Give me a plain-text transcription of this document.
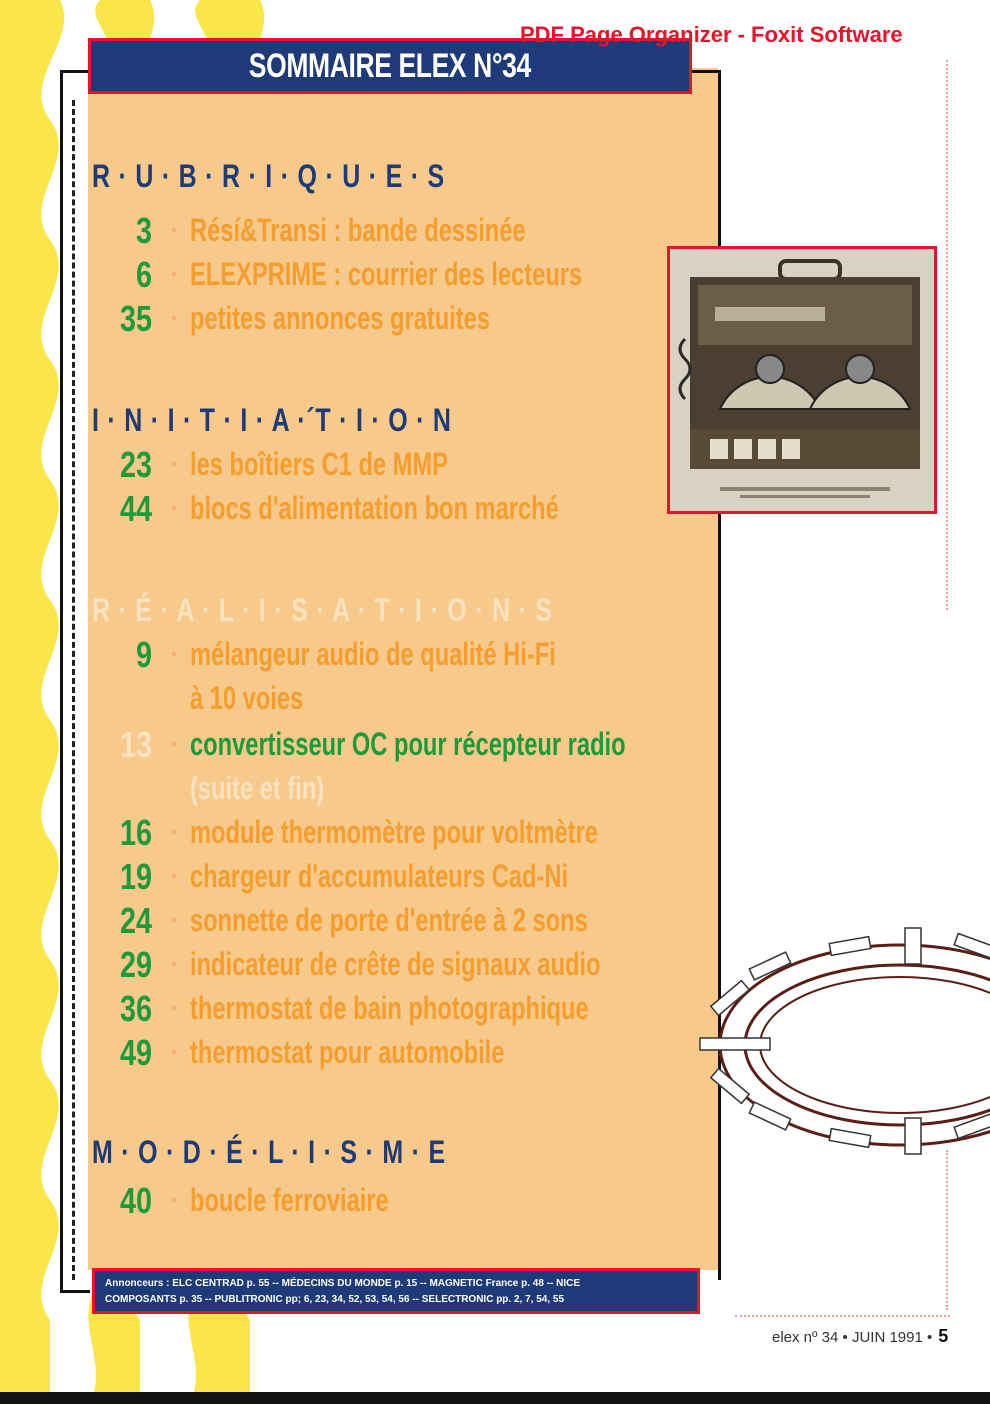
SOMMAIRE ELEX N°34
PDF Page Organizer - Foxit Software
R · U · B · R · I · Q · U · E · S
3 · Résí&Transi : bande dessinée
6 · ELEXPRIME : courrier des lecteurs
35 · petites annonces gratuites
I · N · I · T · I · A ·´T · I · O · N
23 · les boîtiers C1 de MMP
44 · blocs d'alimentation bon marché
R · É · A · L · I · S · A · T · I · O · N · S
9 · mélangeur audio de qualité Hi-Fi
à 10 voies
13 · convertisseur OC pour récepteur radio
(suite et fin)
16 · module thermomètre pour voltmètre
19 · chargeur d'accumulateurs Cad-Ni
24 · sonnette de porte d'entrée à 2 sons
29 · indicateur de crête de signaux audio
36 · thermostat de bain photographique
49 · thermostat pour automobile
M · O · D · É · L · I · S · M · E
40 · boucle ferroviaire
Annonceurs : ELC CENTRAD p. 55 -- MÉDECINS DU MONDE p. 15 -- MAGNETIC France p. 48 -- NICE
COMPOSANTS p. 35 -- PUBLITRONIC pp; 6, 23, 34, 52, 53, 54, 56 -- SELECTRONIC pp. 2, 7, 54, 55
elex nº 34 • JUIN 1991 • 5
